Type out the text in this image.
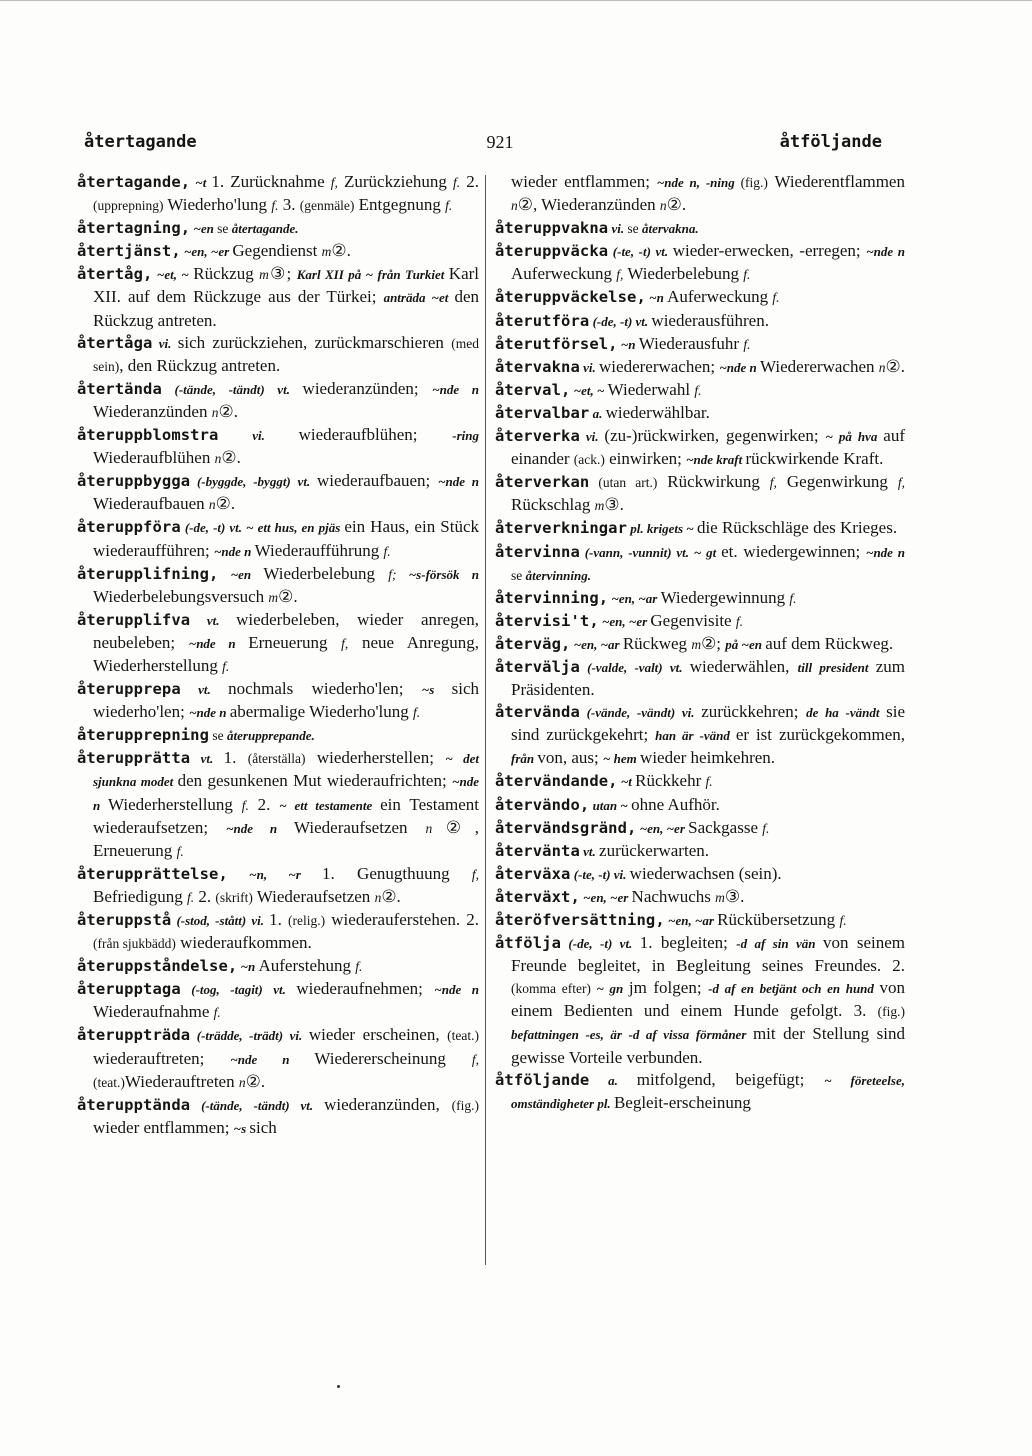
återtagande	921	åtföljande

återtagande, ~t 1. Zurücknahme f, Zurückziehung f. 2. (upprepning) Wiederho'lung f. 3. (genmäle) Entgegnung f.

återtagning, ~en se återtagande.

återtjänst, ~en, ~er Gegendienst m②.

återtåg, ~et, ~ Rückzug m③; Karl XII på ~ från Turkiet Karl XII. auf dem Rückzuge aus der Türkei; anträda ~et den Rückzug antreten.

återtåga vi. sich zurückziehen, zurückmarschieren (med sein), den Rückzug antreten.

återtända (-tände, -tändt) vt. wiederanzünden; ~nde n Wiederanzünden n②.

återuppblomstra vi. wiederaufblühen; -ring Wiederaufblühen n②.

återuppbygga (-byggde, -byggt) vt. wiederaufbauen; ~nde n Wiederaufbauen n②.

återuppföra (-de, -t) vt. ~ ett hus, en pjäs ein Haus, ein Stück wiederaufführen; ~nde n Wiederaufführung f.

återupplifning, ~en Wiederbelebung f; ~s-försök n Wiederbelebungsversuch m②.

återupplifva vt. wiederbeleben, wieder anregen, neubeleben; ~nde n Erneuerung f, neue Anregung, Wiederherstellung f.

återupprepa vt. nochmals wiederho'len; ~s sich wiederho'len; ~nde n abermalige Wiederho'lung f.

återupprepning se återupprepande.

återupprätta vt. 1. (återställa) wiederherstellen; ~ det sjunkna modet den gesunkenen Mut wiederaufrichten; ~nde n Wiederherstellung f. 2. ~ ett testamente ein Testament wiederaufsetzen; ~nde n Wiederaufsetzen n②, Erneuerung f.

återupprättelse, ~n, ~r 1. Genugthuung f, Befriedigung f. 2. (skrift) Wiederaufsetzen n②.

återuppstå (-stod, -stått) vi. 1. (relig.) wiederauferstehen. 2. (från sjukbädd) wiederaufkommen.

återuppståndelse, ~n Auferstehung f.

återupptaga (-tog, -tagit) vt. wiederaufnehmen; ~nde n Wiederaufnahme f.

återuppträda (-trädde, -trädt) vi. wieder erscheinen, (teat.) wiederauftreten; ~nde n Wiedererscheinung f, (teat.)Wiederauftreten n②.

återupptända (-tände, -tändt) vt. wiederanzünden, (fig.) wieder entflammen; ~s sich

wieder entflammen; ~nde n, -ning (fig.) Wiederentflammen n②, Wiederanzünden n②.

återuppvakna vi. se återvakna.

återuppväcka (-te, -t) vt. wieder-erwecken, -erregen; ~nde n Auferweckung f, Wiederbelebung f.

återuppväckelse, ~n Auferweckung f.

återutföra (-de, -t) vt. wiederausführen.

återutförsel, ~n Wiederausfuhr f.

återvakna vi. wiedererwachen; ~nde n Wiedererwachen n②.

återval, ~et, ~ Wiederwahl f.

återvalbar a. wiederwählbar.

återverka vi. (zu-)rückwirken, gegenwirken; ~ på hva auf einander (ack.) einwirken; ~nde kraft rückwirkende Kraft.

återverkan (utan art.) Rückwirkung f, Gegenwirkung f, Rückschlag m③.

återverkningar pl. krigets ~ die Rückschläge des Krieges.

återvinna (-vann, -vunnit) vt. ~ gt et. wiedergewinnen; ~nde n se återvinning.

återvinning, ~en, ~ar Wiedergewinnung f.

återvisi't, ~en, ~er Gegenvisite f.

återväg, ~en, ~ar Rückweg m②; på ~en auf dem Rückweg.

återvälja (-valde, -valt) vt. wiederwählen, till president zum Präsidenten.

återvända (-vände, -vändt) vi. zurückkehren; de ha -vändt sie sind zurückgekehrt; han är -vänd er ist zurückgekommen, från von, aus; ~ hem wieder heimkehren.

återvändande, ~t Rückkehr f.

återvändo, utan ~ ohne Aufhör.

återvändsgränd, ~en, ~er Sackgasse f.

återvänta vt. zurückerwarten.

återväxa (-te, -t) vi. wiederwachsen (sein).

återväxt, ~en, ~er Nachwuchs m③.

återöfversättning, ~en, ~ar Rückübersetzung f.

åtfölja (-de, -t) vt. 1. begleiten; -d af sin vän von seinem Freunde begleitet, in Begleitung seines Freundes. 2. (komma efter) ~ gn jm folgen; -d af en betjänt och en hund von einem Bedienten und einem Hunde gefolgt. 3. (fig.) befattningen -es, är -d af vissa förmåner mit der Stellung sind gewisse Vorteile verbunden.

åtföljande a. mitfolgend, beigefügt; ~ företeelse, omständigheter pl. Begleit-erscheinung
